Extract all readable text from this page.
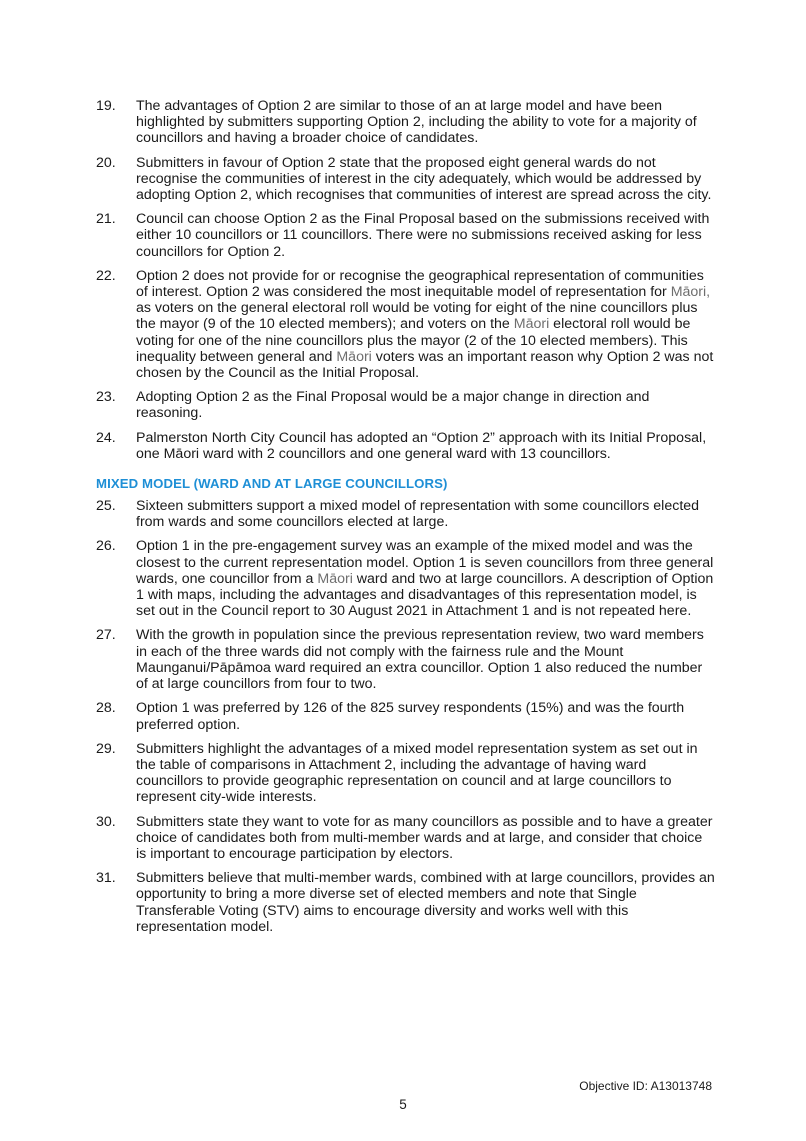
19.	The advantages of Option 2 are similar to those of an at large model and have been highlighted by submitters supporting Option 2, including the ability to vote for a majority of councillors and having a broader choice of candidates.
20.	Submitters in favour of Option 2 state that the proposed eight general wards do not recognise the communities of interest in the city adequately, which would be addressed by adopting Option 2, which recognises that communities of interest are spread across the city.
21.	Council can choose Option 2 as the Final Proposal based on the submissions received with either 10 councillors or 11 councillors. There were no submissions received asking for less councillors for Option 2.
22.	Option 2 does not provide for or recognise the geographical representation of communities of interest. Option 2 was considered the most inequitable model of representation for Māori, as voters on the general electoral roll would be voting for eight of the nine councillors plus the mayor (9 of the 10 elected members); and voters on the Māori electoral roll would be voting for one of the nine councillors plus the mayor (2 of the 10 elected members). This inequality between general and Māori voters was an important reason why Option 2 was not chosen by the Council as the Initial Proposal.
23.	Adopting Option 2 as the Final Proposal would be a major change in direction and reasoning.
24.	Palmerston North City Council has adopted an “Option 2” approach with its Initial Proposal, one Māori ward with 2 councillors and one general ward with 13 councillors.
MIXED MODEL (WARD AND AT LARGE COUNCILLORS)
25.	Sixteen submitters support a mixed model of representation with some councillors elected from wards and some councillors elected at large.
26.	Option 1 in the pre-engagement survey was an example of the mixed model and was the closest to the current representation model. Option 1 is seven councillors from three general wards, one councillor from a Māori ward and two at large councillors. A description of Option 1 with maps, including the advantages and disadvantages of this representation model, is set out in the Council report to 30 August 2021 in Attachment 1 and is not repeated here.
27.	With the growth in population since the previous representation review, two ward members in each of the three wards did not comply with the fairness rule and the Mount Maunganui/Pāpāmoa ward required an extra councillor. Option 1 also reduced the number of at large councillors from four to two.
28.	Option 1 was preferred by 126 of the 825 survey respondents (15%) and was the fourth preferred option.
29.	Submitters highlight the advantages of a mixed model representation system as set out in the table of comparisons in Attachment 2, including the advantage of having ward councillors to provide geographic representation on council and at large councillors to represent city-wide interests.
30.	Submitters state they want to vote for as many councillors as possible and to have a greater choice of candidates both from multi-member wards and at large, and consider that choice is important to encourage participation by electors.
31.	Submitters believe that multi-member wards, combined with at large councillors, provides an opportunity to bring a more diverse set of elected members and note that Single Transferable Voting (STV) aims to encourage diversity and works well with this representation model.
Objective ID: A13013748
5
